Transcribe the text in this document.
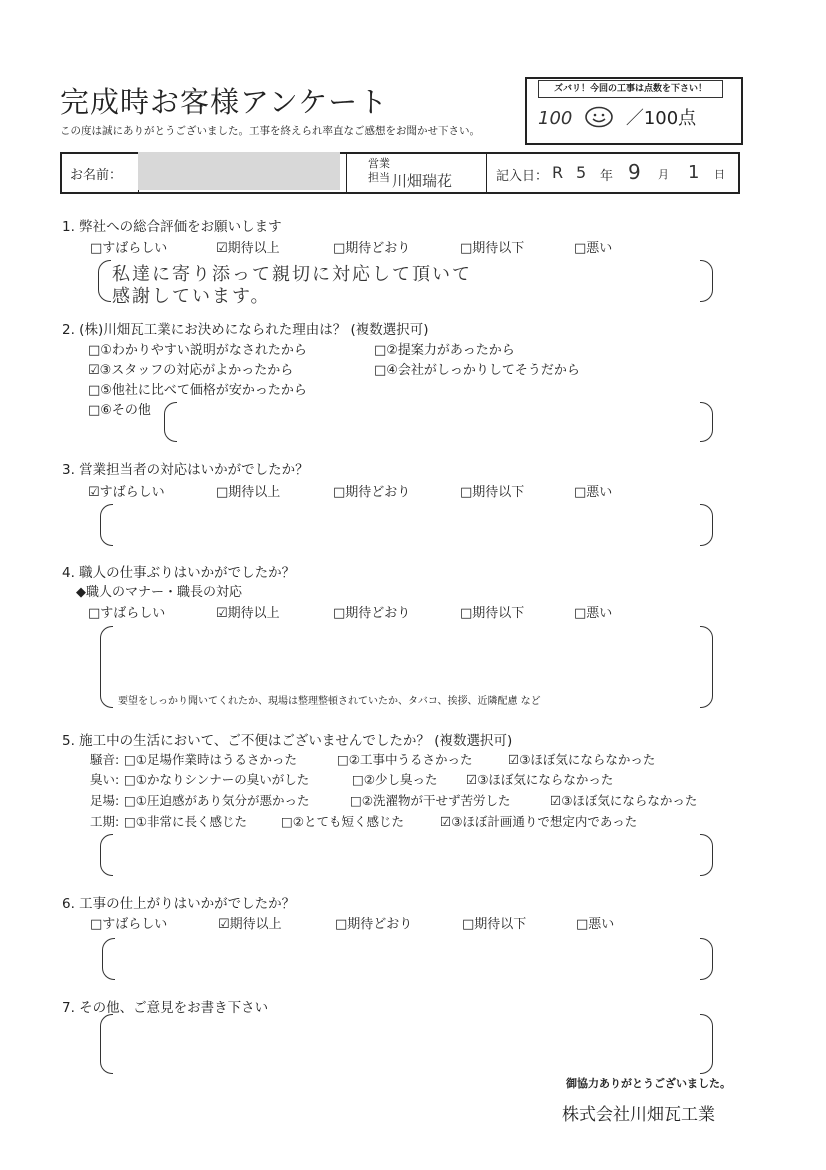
完成時お客様アンケート
この度は誠にありがとうございました。工事を終えられ率直なご感想をお聞かせ下さい。
ズバリ！今回の工事は点数を下さい！
100	／100点
お名前：
営業
担当 川畑瑞花	記入日： R 5 年 9 月 1 日
1. 弊社への総合評価をお願いします
□すばらしい	☑期待以上	□期待どおり	□期待以下	□悪い
私達に寄り添って親切に対応して頂いて
感謝しています。
2. (株)川畑瓦工業にお決めになられた理由は？ (複数選択可)
□①わかりやすい説明がなされたから	□②提案力があったから
☑③スタッフの対応がよかったから	□④会社がしっかりしてそうだから
□⑤他社に比べて価格が安かったから
□⑥その他
3. 営業担当者の対応はいかがでしたか？
☑すばらしい	□期待以上	□期待どおり	□期待以下	□悪い
4. 職人の仕事ぶりはいかがでしたか？
◆職人のマナー・職長の対応
□すばらしい	☑期待以上	□期待どおり	□期待以下	□悪い
要望をしっかり聞いてくれたか、現場は整理整頓されていたか、タバコ、挨拶、近隣配慮 など
5. 施工中の生活において、ご不便はございませんでしたか？ (複数選択可)
騒音: □①足場作業時はうるさかった	□②工事中うるさかった	☑③ほぼ気にならなかった
臭い: □①かなりシンナーの臭いがした	□②少し臭った ☑③ほぼ気にならなかった
足場: □①圧迫感があり気分が悪かった	□②洗濯物が干せず苦労した	☑③ほぼ気にならなかった
工期: □①非常に長く感じた	□②とても短く感じた	☑③ほぼ計画通りで想定内であった
6. 工事の仕上がりはいかがでしたか？
□すばらしい	☑期待以上	□期待どおり	□期待以下	□悪い
7. その他、ご意見をお書き下さい
御協力ありがとうございました。
株式会社川畑瓦工業
